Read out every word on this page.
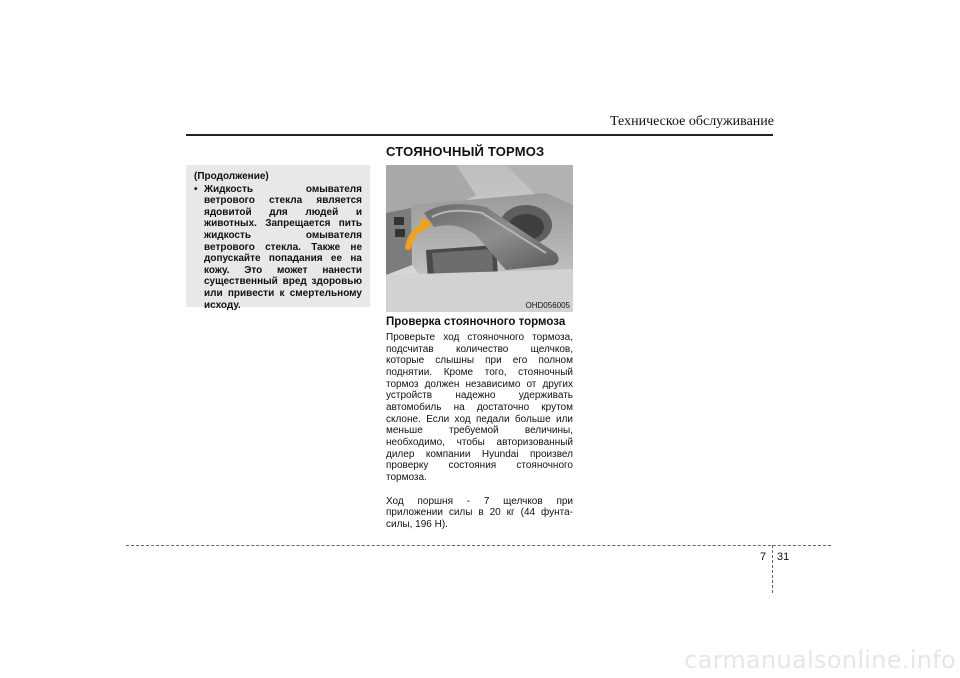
Техническое обслуживание
СТОЯНОЧНЫЙ ТОРМОЗ
(Продолжение)
• Жидкость омывателя ветрового стекла является ядовитой для людей и животных. Запрещается пить жидкость омывателя ветрового стекла. Также не допускайте попадания ее на кожу. Это может нанести существенный вред здоровью или привести к смертельному исходу.	OHD056005
Проверка стояночного тормоза

Проверьте ход стояночного тормоза, подсчитав количество щелчков, которые слышны при его полном поднятии. Кроме того, стояночный тормоз должен независимо от других устройств надежно удерживать автомобиль на достаточно крутом склоне. Если ход педали больше или меньше требуемой величины, необходимо, чтобы авторизованный дилер компании Hyundai произвел проверку состояния стояночного тормоза.

Ход поршня - 7 щелчков при приложении силы в 20 кг (44 фунта-силы, 196 Н).

7 31
carmanualsonline.info
